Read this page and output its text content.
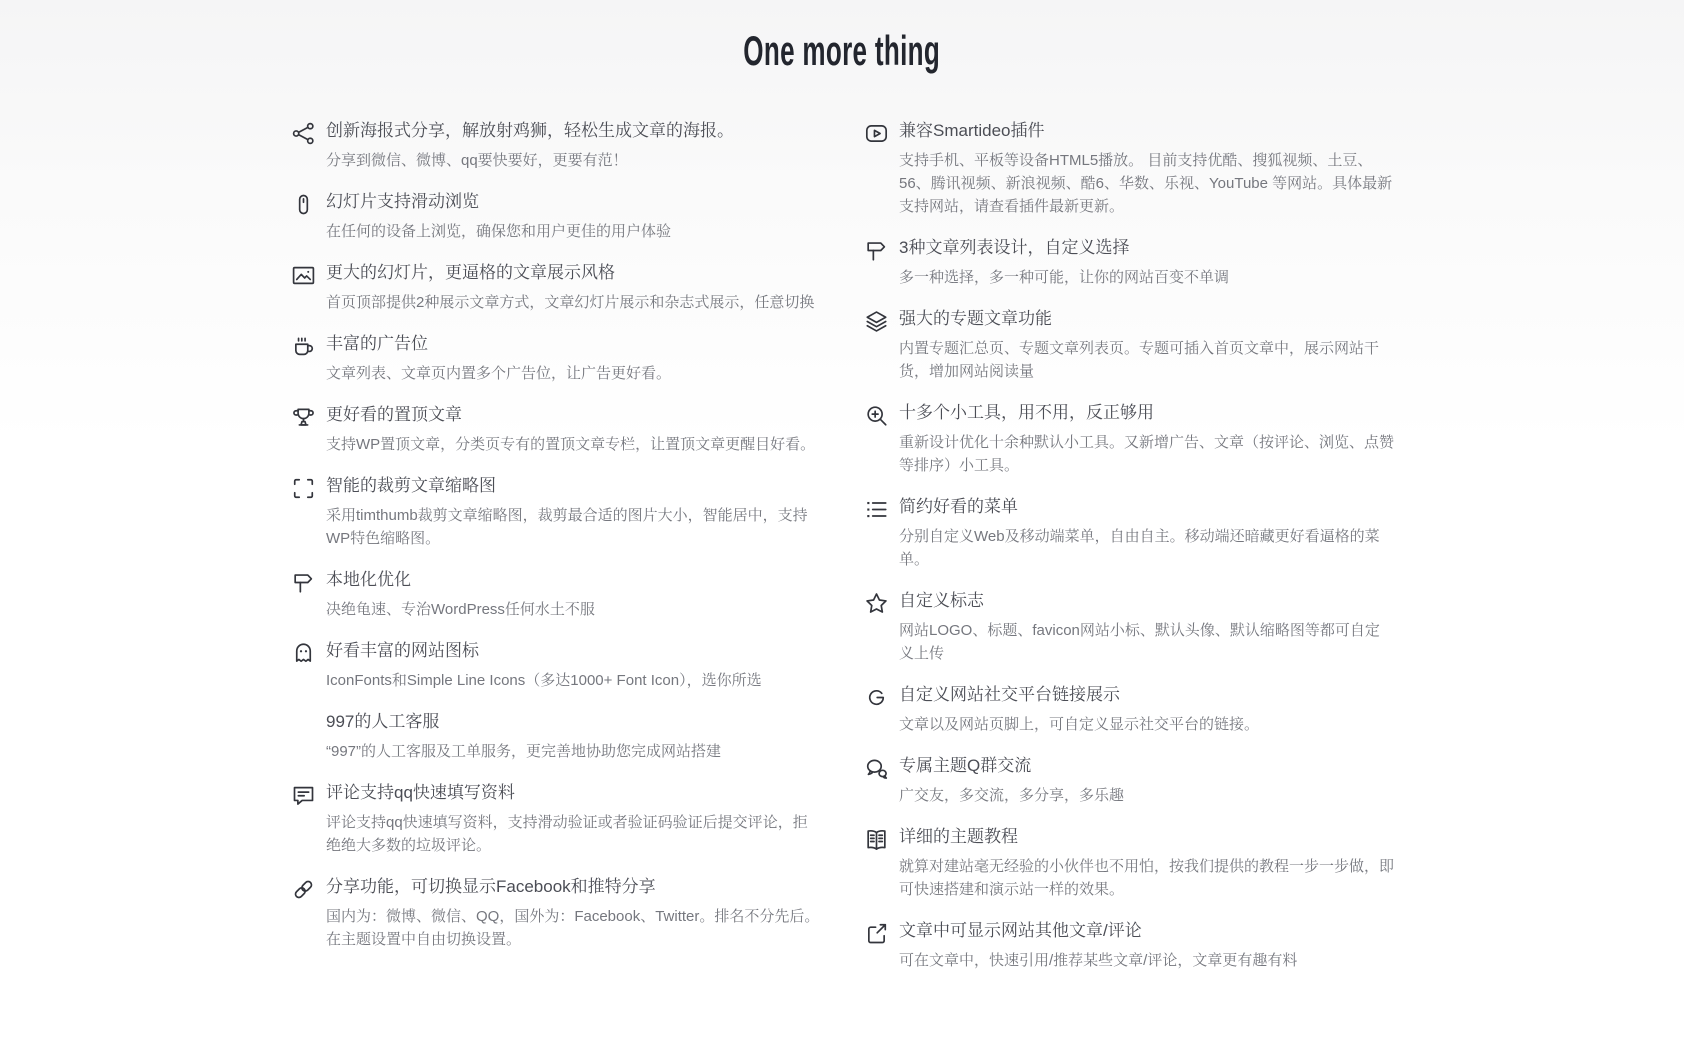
One more thing
创新海报式分享，解放射鸡狮，轻松生成文章的海报。
分享到微信、微博、qq要快要好，更要有范！
幻灯片支持滑动浏览
在任何的设备上浏览，确保您和用户更佳的用户体验
更大的幻灯片，更逼格的文章展示风格
首页顶部提供2种展示文章方式，文章幻灯片展示和杂志式展示，任意切换
丰富的广告位
文章列表、文章页内置多个广告位，让广告更好看。
更好看的置顶文章
支持WP置顶文章，分类页专有的置顶文章专栏，让置顶文章更醒目好看。
智能的裁剪文章缩略图
采用timthumb裁剪文章缩略图，裁剪最合适的图片大小，智能居中，支持WP特色缩略图。
本地化优化
决绝龟速、专治WordPress任何水土不服
好看丰富的网站图标
IconFonts和Simple Line Icons（多达1000+ Font Icon），选你所选
997的人工客服
“997”的人工客服及工单服务，更完善地协助您完成网站搭建
评论支持qq快速填写资料
评论支持qq快速填写资料，支持滑动验证或者验证码验证后提交评论，拒绝绝大多数的垃圾评论。
分享功能，可切换显示Facebook和推特分享
国内为：微博、微信、QQ，国外为：Facebook、Twitter。排名不分先后。在主题设置中自由切换设置。
兼容Smartideo插件
支持手机、平板等设备HTML5播放。 目前支持优酷、搜狐视频、土豆、56、腾讯视频、新浪视频、酷6、华数、乐视、YouTube 等网站。具体最新支持网站，请查看插件最新更新。
3种文章列表设计，自定义选择
多一种选择，多一种可能，让你的网站百变不单调
强大的专题文章功能
内置专题汇总页、专题文章列表页。专题可插入首页文章中，展示网站干货，增加网站阅读量
十多个小工具，用不用，反正够用
重新设计优化十余种默认小工具。又新增广告、文章（按评论、浏览、点赞等排序）小工具。
简约好看的菜单
分别自定义Web及移动端菜单，自由自主。移动端还暗藏更好看逼格的菜单。
自定义标志
网站LOGO、标题、favicon网站小标、默认头像、默认缩略图等都可自定义上传
自定义网站社交平台链接展示
文章以及网站页脚上，可自定义显示社交平台的链接。
专属主题Q群交流
广交友，多交流，多分享，多乐趣
详细的主题教程
就算对建站毫无经验的小伙伴也不用怕，按我们提供的教程一步一步做，即可快速搭建和演示站一样的效果。
文章中可显示网站其他文章/评论
可在文章中，快速引用/推荐某些文章/评论，文章更有趣有料
